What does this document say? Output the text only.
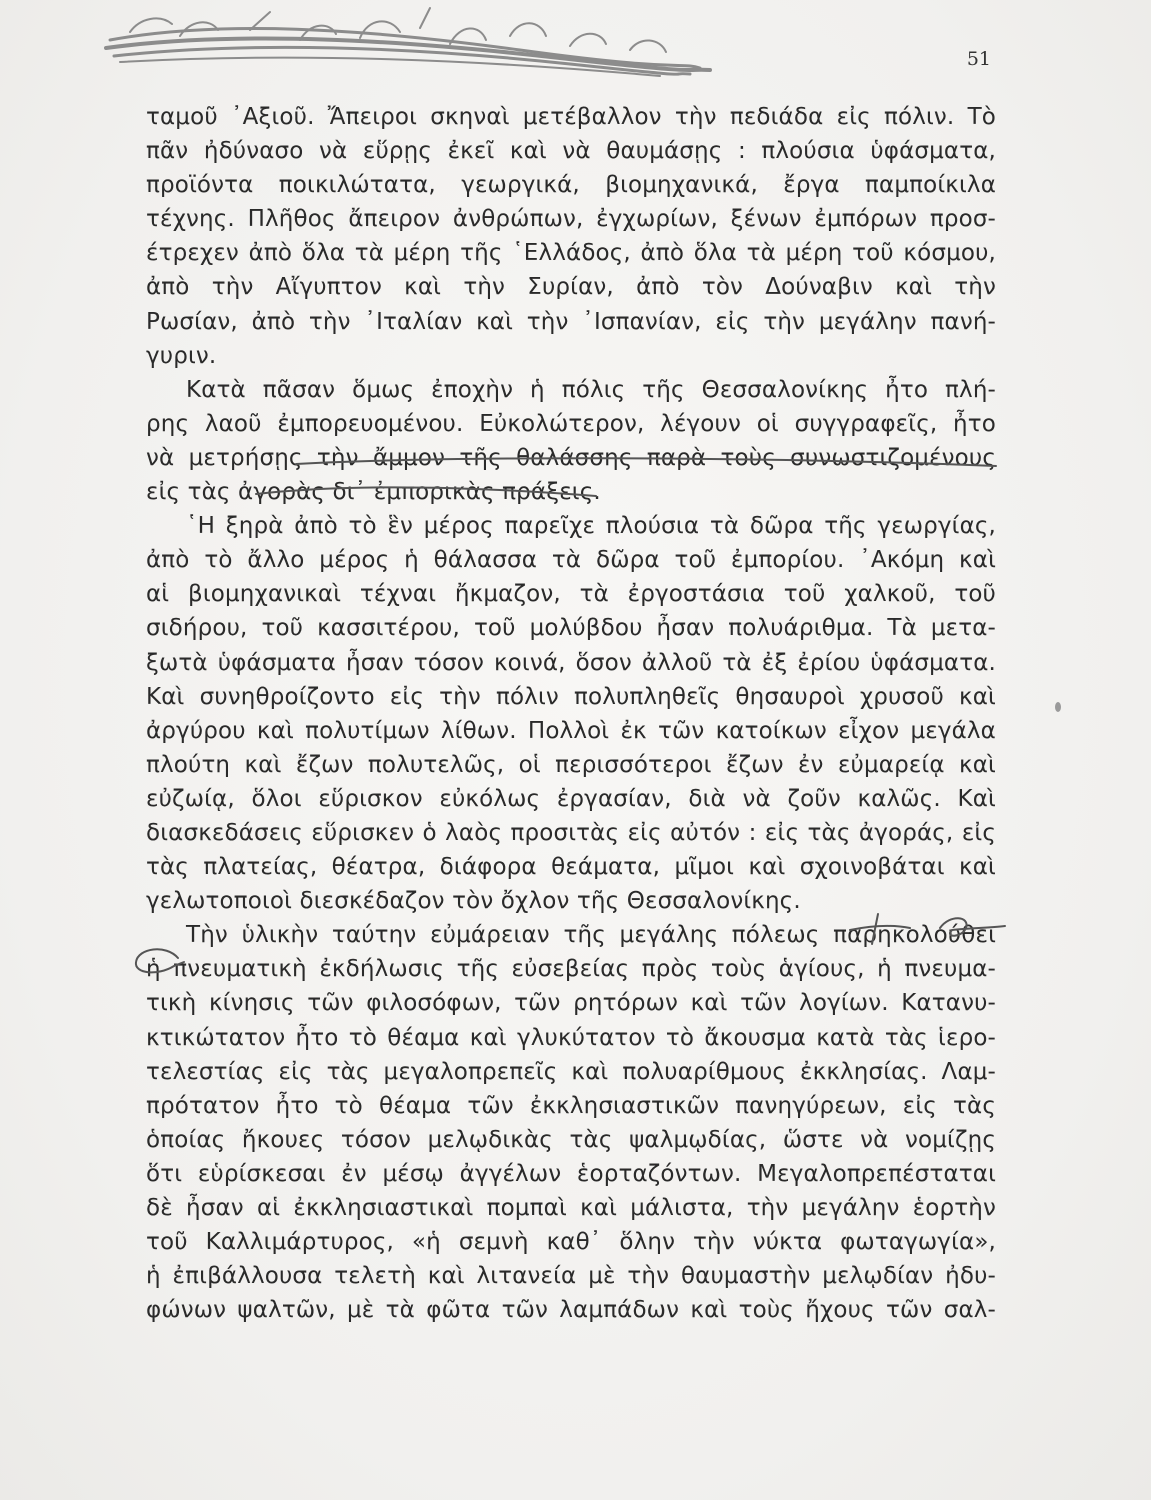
51
ταμοῦ ᾽Αξιοῦ. Ἄπειροι σκηναὶ μετέβαλλον τὴν πεδιάδα εἰς πόλιν. Τὸ
πᾶν ἠδύνασο νὰ εὕρῃς ἐκεῖ καὶ νὰ θαυμάσῃς : πλούσια ὑφάσματα,
προϊόντα ποικιλώτατα, γεωργικά, βιομηχανικά, ἔργα παμποίκιλα
τέχνης. Πλῆθος ἄπειρον ἀνθρώπων, ἐγχωρίων, ξένων ἐμπόρων προσ-
έτρεχεν ἀπὸ ὅλα τὰ μέρη τῆς ῾Ελλάδος, ἀπὸ ὅλα τὰ μέρη τοῦ κόσμου,
ἀπὸ τὴν Αἴγυπτον καὶ τὴν Συρίαν, ἀπὸ τὸν Δούναβιν καὶ τὴν
Ρωσίαν, ἀπὸ τὴν ᾽Ιταλίαν καὶ τὴν ᾽Ισπανίαν, εἰς τὴν μεγάλην πανή-
γυριν.
Κατὰ πᾶσαν ὅμως ἐποχὴν ἡ πόλις τῆς Θεσσαλονίκης ἦτο πλή-
ρης λαοῦ ἐμπορευομένου. Εὐκολώτερον, λέγουν οἱ συγγραφεῖς, ἦτο
νὰ μετρήσῃς τὴν ἄμμον τῆς θαλάσσης παρὰ τοὺς συνωστιζομένους
εἰς τὰς ἀγορὰς δι᾽ ἐμπορικὰς πράξεις.
῾Η ξηρὰ ἀπὸ τὸ ἓν μέρος παρεῖχε πλούσια τὰ δῶρα τῆς γεωργίας,
ἀπὸ τὸ ἄλλο μέρος ἡ θάλασσα τὰ δῶρα τοῦ ἐμπορίου. ᾽Ακόμη καὶ
αἱ βιομηχανικαὶ τέχναι ἤκμαζον, τὰ ἐργοστάσια τοῦ χαλκοῦ, τοῦ
σιδήρου, τοῦ κασσιτέρου, τοῦ μολύβδου ἦσαν πολυάριθμα. Τὰ μετα-
ξωτὰ ὑφάσματα ἦσαν τόσον κοινά, ὅσον ἀλλοῦ τὰ ἐξ ἐρίου ὑφάσματα.
Καὶ συνηθροίζοντο εἰς τὴν πόλιν πολυπληθεῖς θησαυροὶ χρυσοῦ καὶ
ἀργύρου καὶ πολυτίμων λίθων. Πολλοὶ ἐκ τῶν κατοίκων εἶχον μεγάλα
πλούτη καὶ ἔζων πολυτελῶς, οἱ περισσότεροι ἔζων ἐν εὐμαρείᾳ καὶ
εὐζωίᾳ, ὅλοι εὕρισκον εὐκόλως ἐργασίαν, διὰ νὰ ζοῦν καλῶς. Καὶ
διασκεδάσεις εὕρισκεν ὁ λαὸς προσιτὰς εἰς αὐτόν : εἰς τὰς ἀγοράς, εἰς
τὰς πλατείας, θέατρα, διάφορα θεάματα, μῖμοι καὶ σχοινοβάται καὶ
γελωτοποιοὶ διεσκέδαζον τὸν ὄχλον τῆς Θεσσαλονίκης.
Τὴν ὑλικὴν ταύτην εὐμάρειαν τῆς μεγάλης πόλεως παρηκολούθει
ἡ πνευματικὴ ἐκδήλωσις τῆς εὐσεβείας πρὸς τοὺς ἁγίους, ἡ πνευμα-
τικὴ κίνησις τῶν φιλοσόφων, τῶν ρητόρων καὶ τῶν λογίων. Κατανυ-
κτικώτατον ἦτο τὸ θέαμα καὶ γλυκύτατον τὸ ἄκουσμα κατὰ τὰς ἱερο-
τελεστίας εἰς τὰς μεγαλοπρεπεῖς καὶ πολυαρίθμους ἐκκλησίας. Λαμ-
πρότατον ἦτο τὸ θέαμα τῶν ἐκκλησιαστικῶν πανηγύρεων, εἰς τὰς
ὁποίας ἤκουες τόσον μελῳδικὰς τὰς ψαλμῳδίας, ὥστε νὰ νομίζῃς
ὅτι εὑρίσκεσαι ἐν μέσῳ ἀγγέλων ἑορταζόντων. Μεγαλοπρεπέσταται
δὲ ἦσαν αἱ ἐκκλησιαστικαὶ πομπαὶ καὶ μάλιστα, τὴν μεγάλην ἑορτὴν
τοῦ Καλλιμάρτυρος, «ἡ σεμνὴ καθ᾽ ὅλην τὴν νύκτα φωταγωγία»,
ἡ ἐπιβάλλουσα τελετὴ καὶ λιτανεία μὲ τὴν θαυμαστὴν μελῳδίαν ἠδυ-
φώνων ψαλτῶν, μὲ τὰ φῶτα τῶν λαμπάδων καὶ τοὺς ἤχους τῶν σαλ-
